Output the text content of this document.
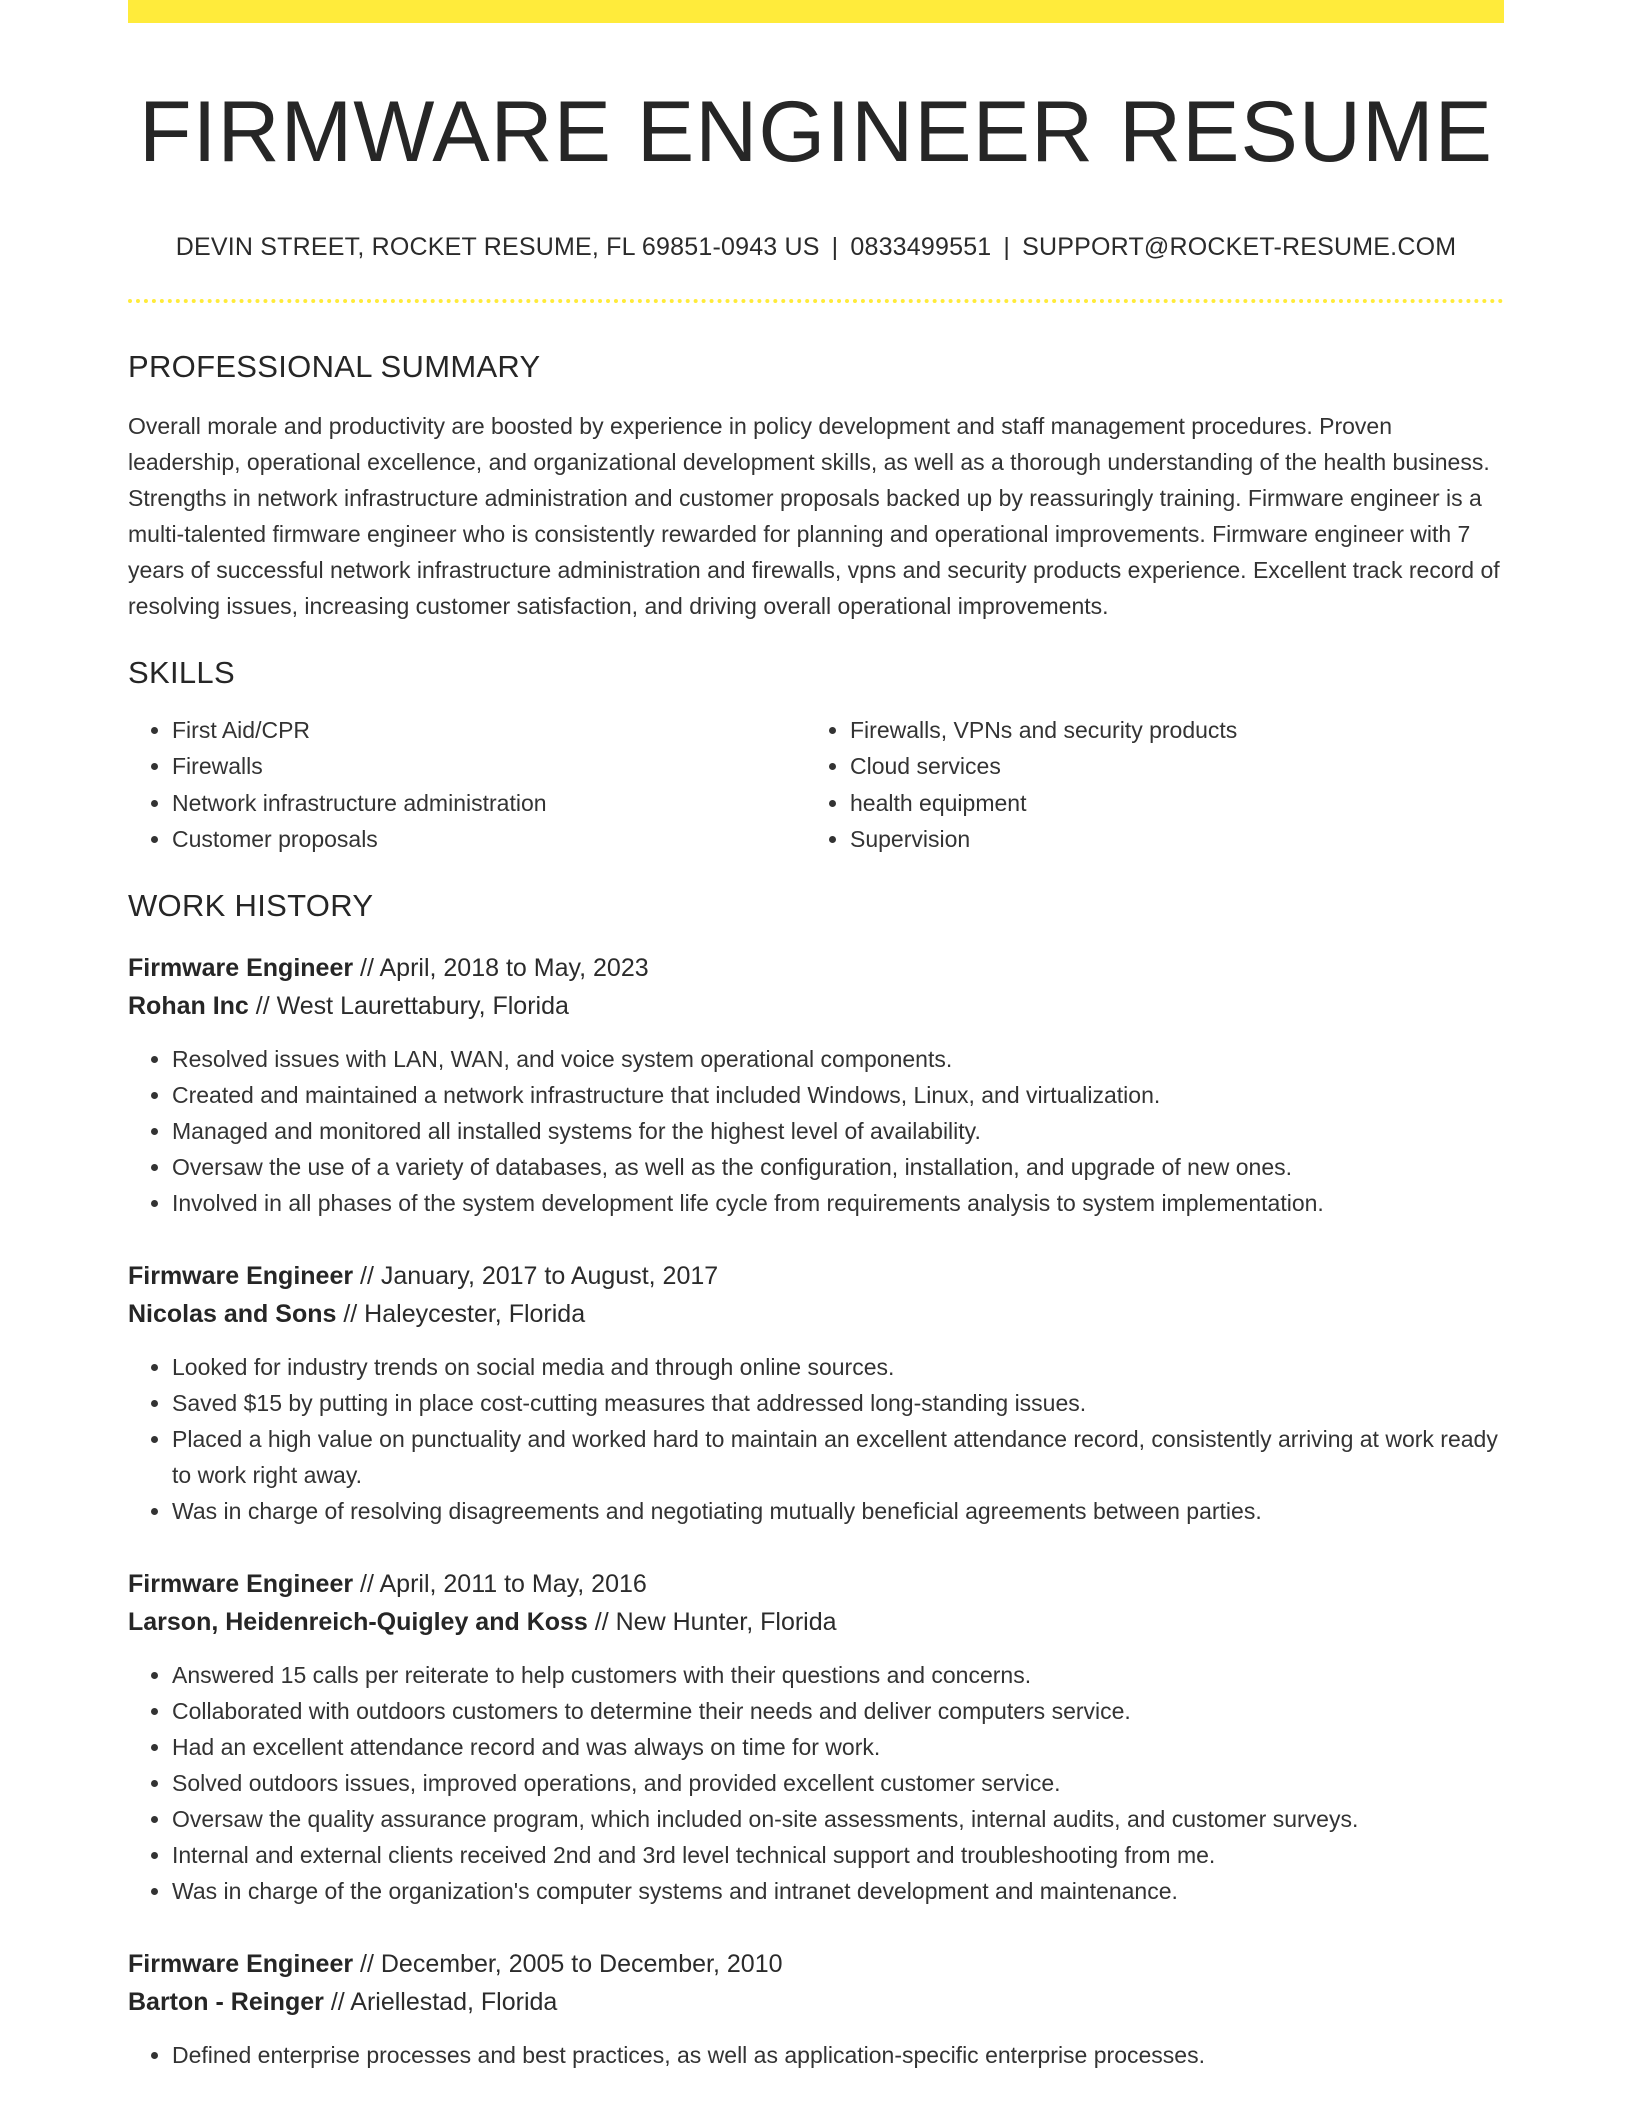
FIRMWARE ENGINEER RESUME
DEVIN STREET, ROCKET RESUME, FL 69851-0943 US | 0833499551 | SUPPORT@ROCKET-RESUME.COM
PROFESSIONAL SUMMARY

Overall morale and productivity are boosted by experience in policy development and staff management procedures. Proven leadership, operational excellence, and organizational development skills, as well as a thorough understanding of the health business. Strengths in network infrastructure administration and customer proposals backed up by reassuringly training. Firmware engineer is a multi-talented firmware engineer who is consistently rewarded for planning and operational improvements. Firmware engineer with 7 years of successful network infrastructure administration and firewalls, vpns and security products experience. Excellent track record of resolving issues, increasing customer satisfaction, and driving overall operational improvements.

SKILLS
• First Aid/CPR
• Firewalls
• Network infrastructure administration
• Customer proposals
• Firewalls, VPNs and security products
• Cloud services
• health equipment
• Supervision
WORK HISTORY
Firmware Engineer // April, 2018 to May, 2023
Rohan Inc // West Laurettabury, Florida
• Resolved issues with LAN, WAN, and voice system operational components.
• Created and maintained a network infrastructure that included Windows, Linux, and virtualization.
• Managed and monitored all installed systems for the highest level of availability.
• Oversaw the use of a variety of databases, as well as the configuration, installation, and upgrade of new ones.
• Involved in all phases of the system development life cycle from requirements analysis to system implementation.
Firmware Engineer // January, 2017 to August, 2017
Nicolas and Sons // Haleycester, Florida
• Looked for industry trends on social media and through online sources.
• Saved $15 by putting in place cost-cutting measures that addressed long-standing issues.
• Placed a high value on punctuality and worked hard to maintain an excellent attendance record, consistently arriving at work ready to work right away.
• Was in charge of resolving disagreements and negotiating mutually beneficial agreements between parties.
Firmware Engineer // April, 2011 to May, 2016
Larson, Heidenreich-Quigley and Koss // New Hunter, Florida
• Answered 15 calls per reiterate to help customers with their questions and concerns.
• Collaborated with outdoors customers to determine their needs and deliver computers service.
• Had an excellent attendance record and was always on time for work.
• Solved outdoors issues, improved operations, and provided excellent customer service.
• Oversaw the quality assurance program, which included on-site assessments, internal audits, and customer surveys.
• Internal and external clients received 2nd and 3rd level technical support and troubleshooting from me.
• Was in charge of the organization's computer systems and intranet development and maintenance.
Firmware Engineer // December, 2005 to December, 2010
Barton - Reinger // Ariellestad, Florida
• Defined enterprise processes and best practices, as well as application-specific enterprise processes.
